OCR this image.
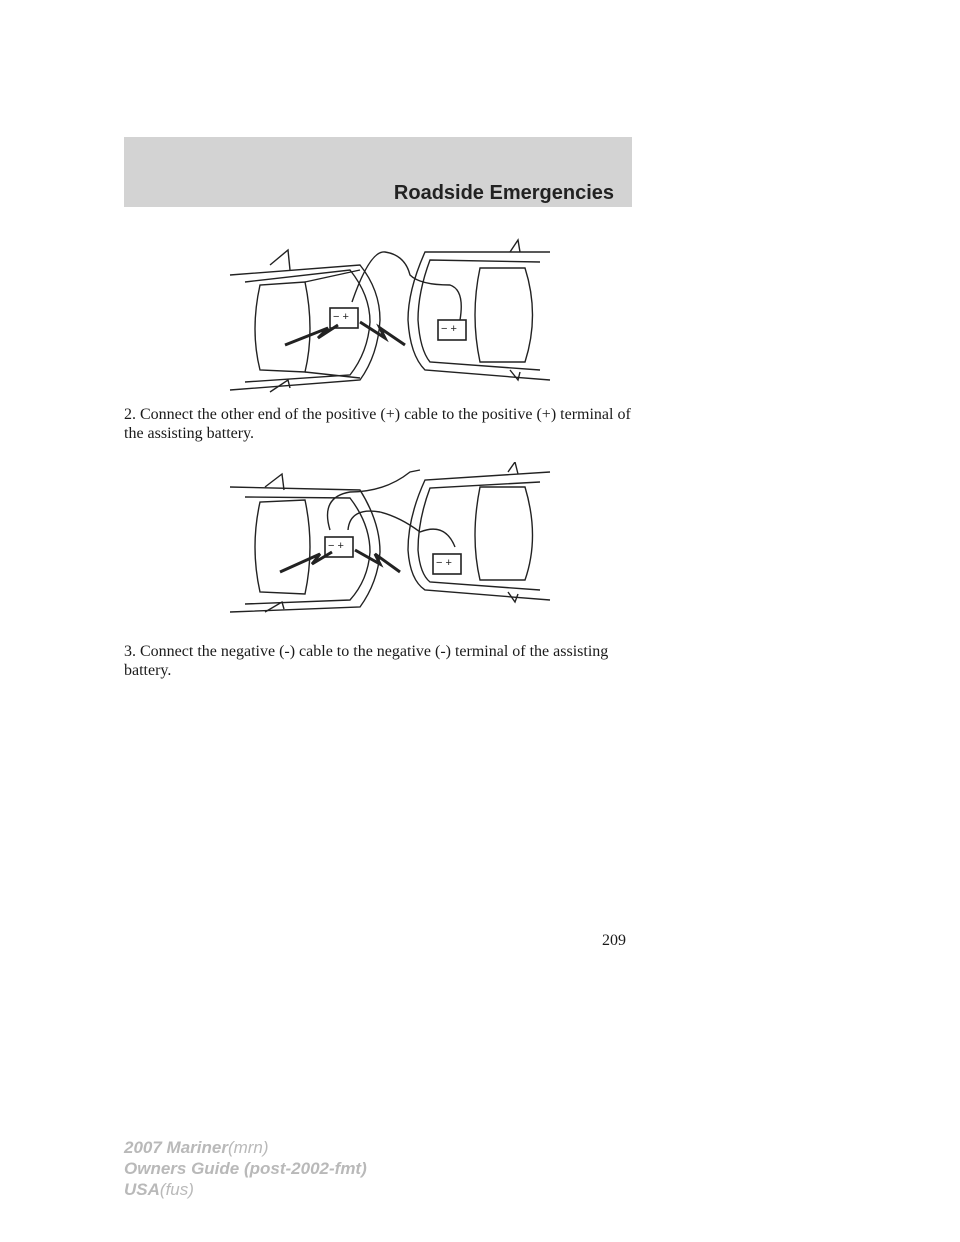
Roadside Emergencies
− +
− +

2. Connect the other end of the positive (+) cable to the positive (+) terminal of the assisting battery.

− +
− +

3. Connect the negative (-) cable to the negative (-) terminal of the assisting battery.

209
2007 Mariner(mrn)
Owners Guide (post-2002-fmt)
USA(fus)
